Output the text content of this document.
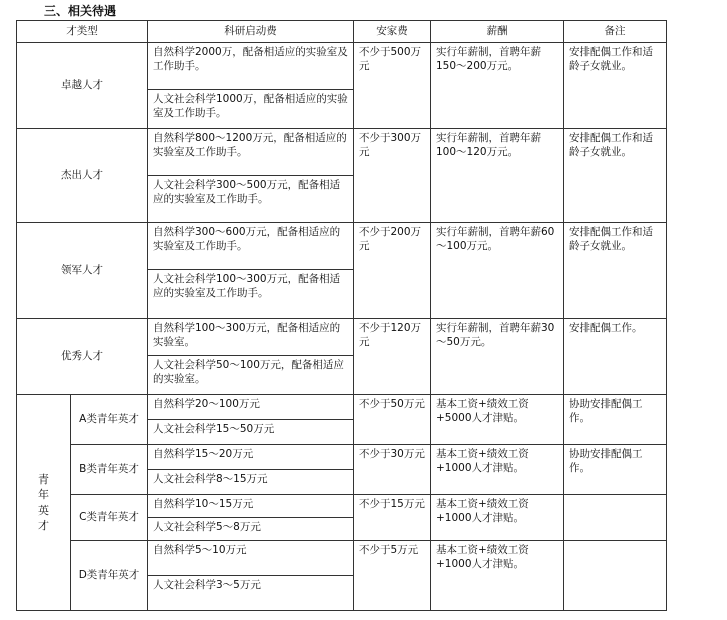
三、相关待遇
才类型		科研启动费	安家费	薪酬	备注
卓越人才		自然科学2000万，配备相适应的实验室及工作助手。	不少于500万元	实行年薪制，首聘年薪150～200万元。	安排配偶工作和适龄子女就业。
		人文社会科学1000万，配备相适应的实验室及工作助手。			
杰出人才		自然科学800～1200万元，配备相适应的实验室及工作助手。	不少于300万元	实行年薪制，首聘年薪100～120万元。	安排配偶工作和适龄子女就业。
		人文社会科学300～500万元，配备相适应的实验室及工作助手。			
领军人才		自然科学300～600万元，配备相适应的实验室及工作助手。	不少于200万元	实行年薪制，首聘年薪60～100万元。	安排配偶工作和适龄子女就业。
		人文社会科学100～300万元，配备相适应的实验室及工作助手。			
优秀人才		自然科学100～300万元，配备相适应的实验室。	不少于120万元	实行年薪制，首聘年薪30～50万元。	安排配偶工作。
		人文社会科学50～100万元，配备相适应的实验室。			
青年英才	A类青年英才	自然科学20～100万元	不少于50万元	基本工资+绩效工资+5000人才津贴。	协助安排配偶工作。
		人文社会科学15～50万元			
	B类青年英才	自然科学15～20万元	不少于30万元	基本工资+绩效工资+1000人才津贴。	协助安排配偶工作。
		人文社会科学8～15万元			
	C类青年英才	自然科学10～15万元	不少于15万元	基本工资+绩效工资+1000人才津贴。	
		人文社会科学5～8万元			
	D类青年英才	自然科学5～10万元	不少于5万元	基本工资+绩效工资+1000人才津贴。	
		人文社会科学3～5万元			
